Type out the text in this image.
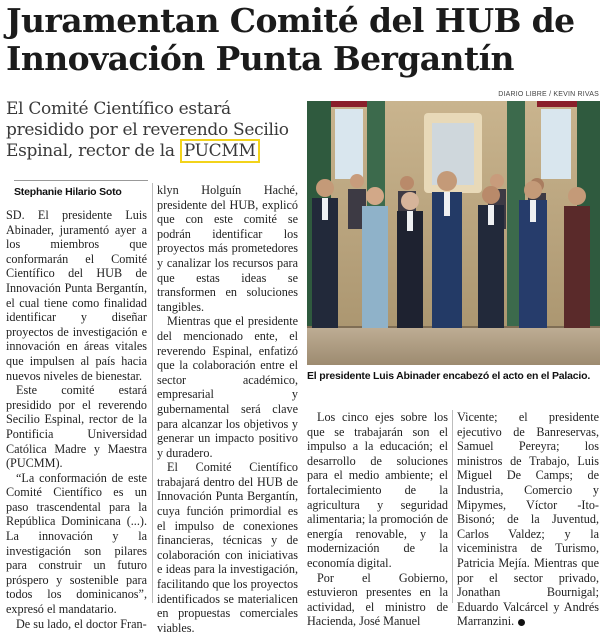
Juramentan Comité del HUB de Innovación Punta Bergantín
El Comité Científico estará presidido por el reverendo Secilio Espinal, rector de la PUCMM
DIARIO LIBRE / KEVIN RIVAS
El presidente Luis Abinader encabezó el acto en el Palacio.
Stephanie Hilario Soto

SD. El presidente Luis Abinader, juramentó ayer a los miembros que conformarán el Comité Científico del HUB de Innovación Punta Bergantín, el cual tiene como finalidad identificar y diseñar proyectos de investigación e innovación en áreas vitales que impulsen al país hacia nuevos niveles de bienestar.

Este comité estará presidido por el reverendo Secilio Espinal, rector de la Pontificia Universidad Católica Madre y Maestra (PUCMM).

“La conformación de este Comité Científico es un paso trascendental para la República Dominicana (...). La innovación y la investigación son pilares para construir un futuro próspero y sostenible para todos los dominicanos”, expresó el mandatario.

De su lado, el doctor Fran-

klyn Holguín Haché, presidente del HUB, explicó que con este comité se podrán identificar los proyectos más prometedores y canalizar los recursos para que estas ideas se transformen en soluciones tangibles.

Mientras que el presidente del mencionado ente, el reverendo Espinal, enfatizó que la colaboración entre el sector académico, empresarial y gubernamental será clave para alcanzar los objetivos y generar un impacto positivo y duradero.

El Comité Científico trabajará dentro del HUB de Innovación Punta Bergantín, cuya función primordial es el impulso de conexiones financieras, técnicas y de colaboración con iniciativas e ideas para la investigación, facilitando que los proyectos identificados se materialicen en propuestas comerciales viables.

Los cinco ejes sobre los que se trabajarán son el impulso a la educación; el desarrollo de soluciones para el medio ambiente; el fortalecimiento de la agricultura y seguridad alimentaria; la promoción de energía renovable, y la modernización de la economía digital.

Por el Gobierno, estuvieron presentes en la actividad, el ministro de Hacienda, José Manuel

Vicente; el presidente ejecutivo de Banreservas, Samuel Pereyra; los ministros de Trabajo, Luis Miguel De Camps; de Industria, Comercio y Mipymes, Víctor -Ito- Bisonó; de la Juventud, Carlos Valdez; y la viceministra de Turismo, Patricia Mejía. Mientras que por el sector privado, Jonathan Bournigal; Eduardo Valcárcel y Andrés Marranzini.
